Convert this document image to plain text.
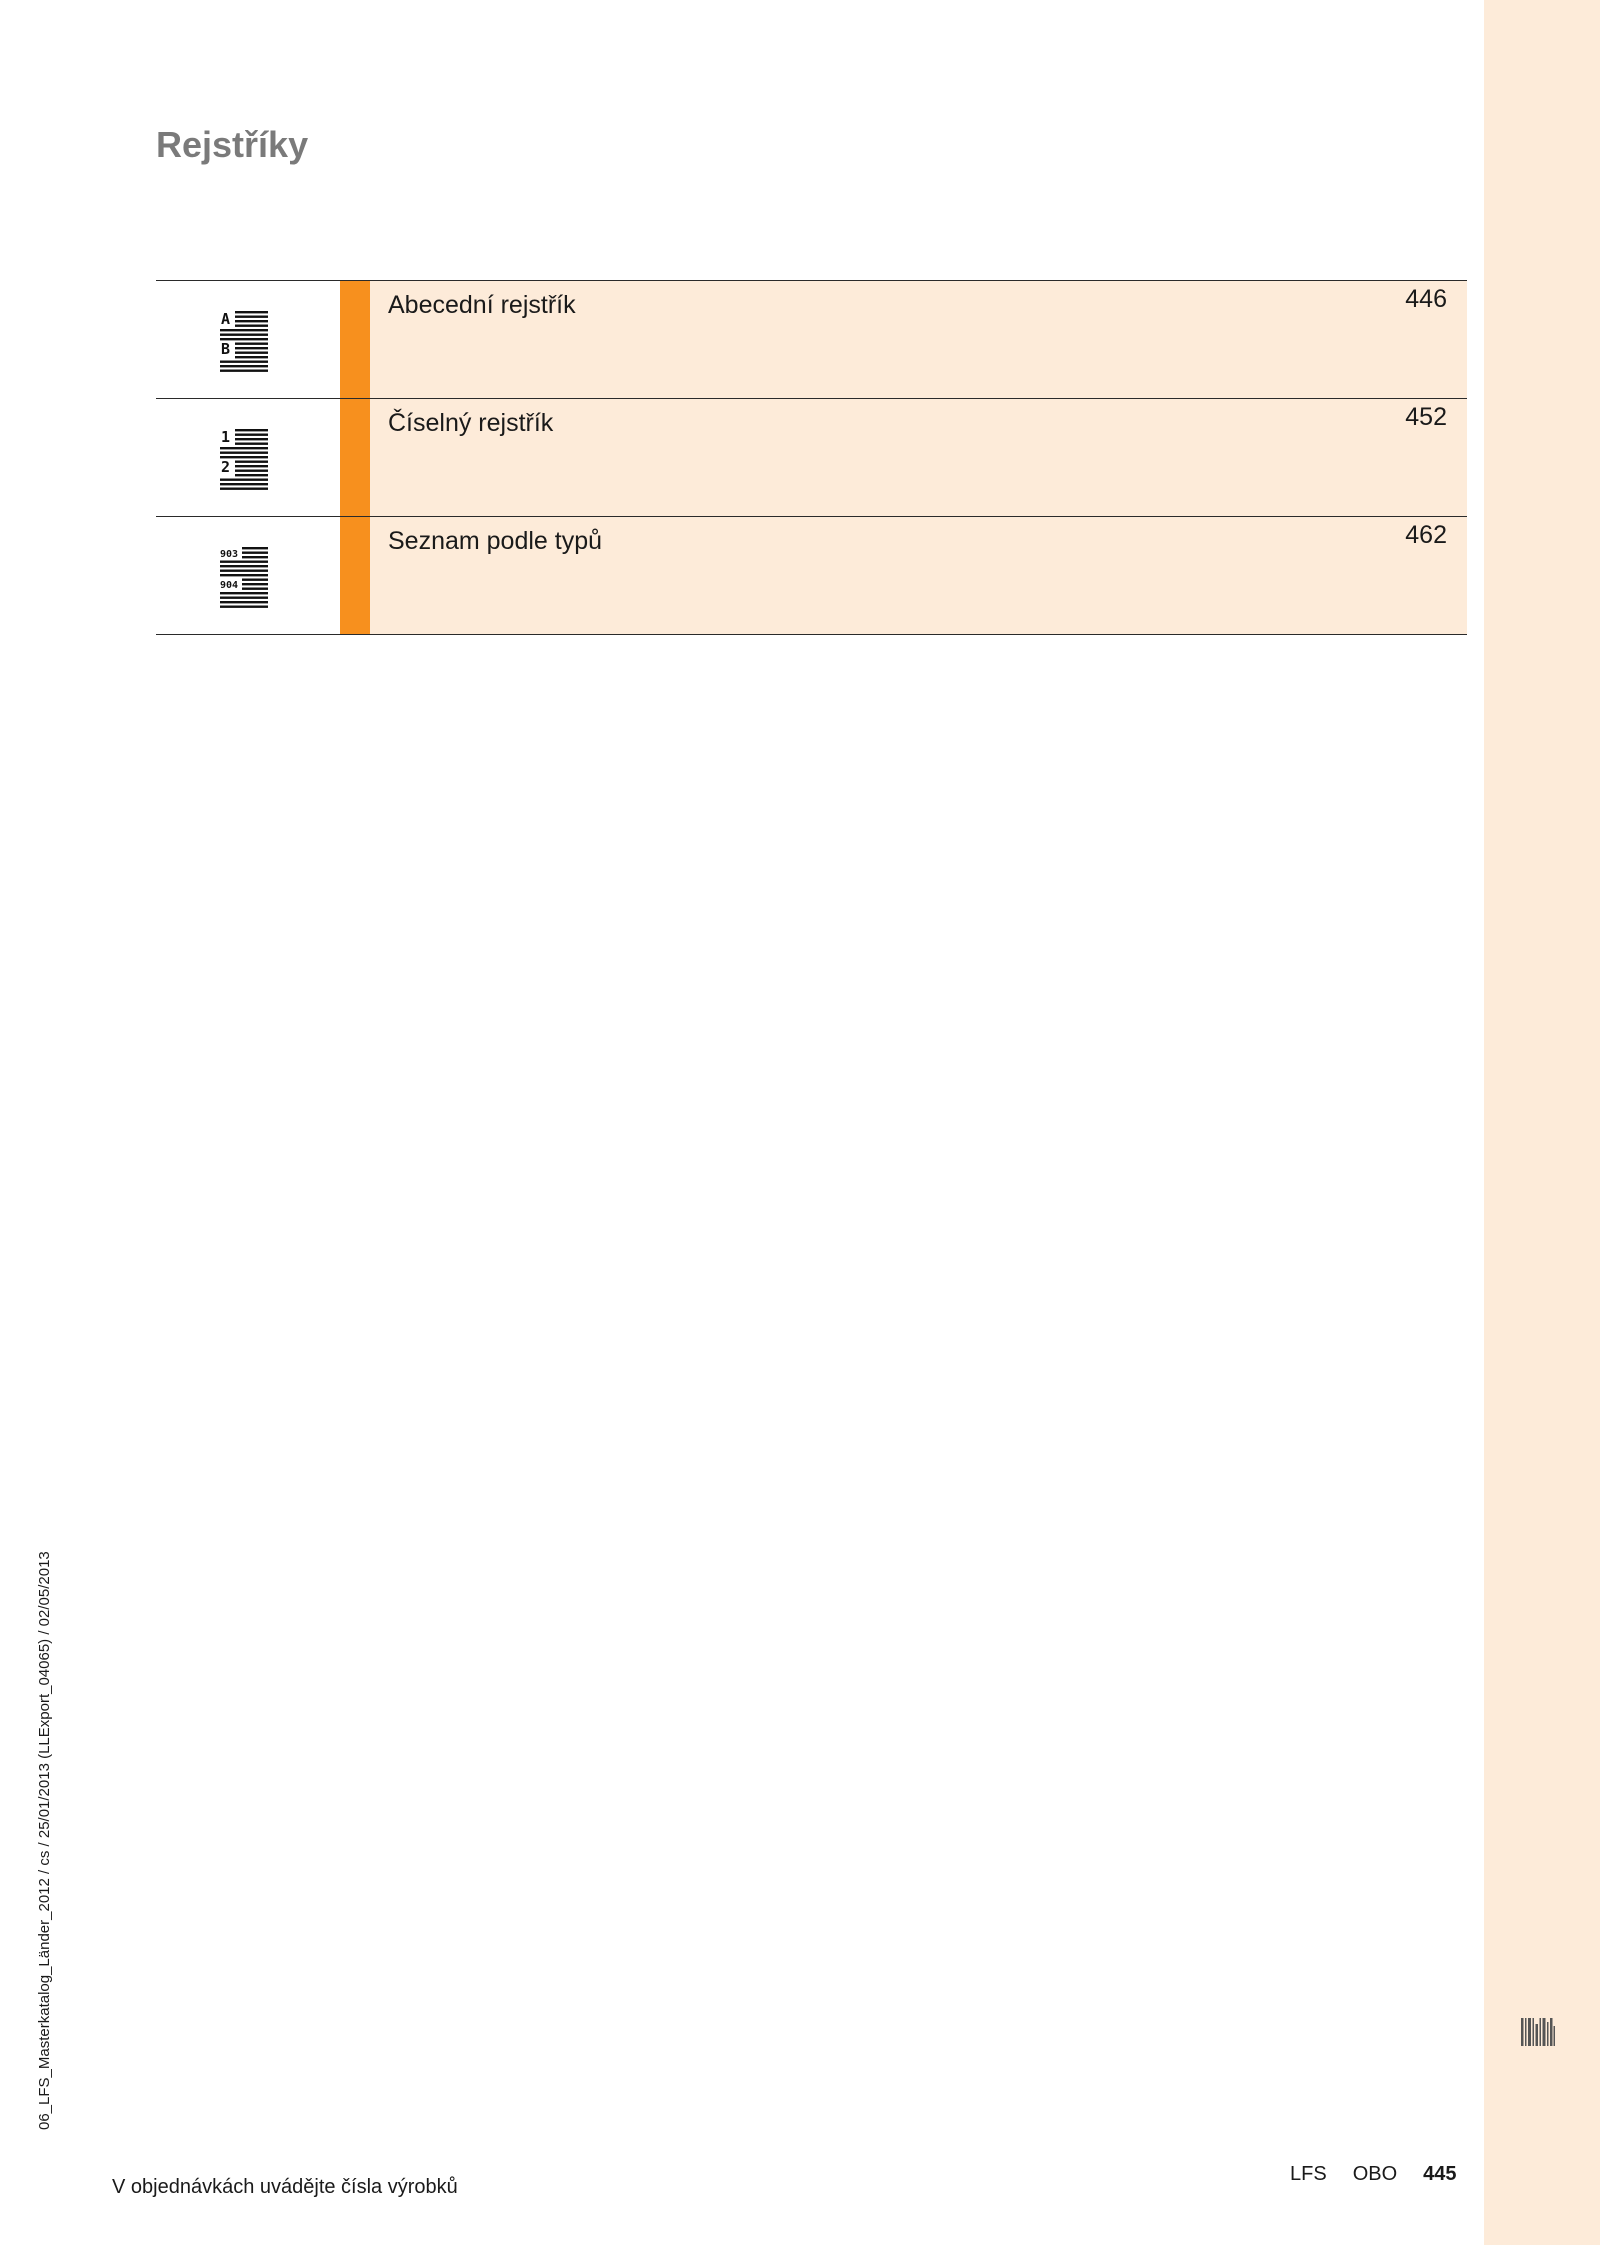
Rejstříky
A
B
Abecední rejstřík	446
1
2
Číselný rejstřík	452
903
904
Seznam podle typů	462
06_LFS_Masterkatalog_Länder_2012 / cs / 25/01/2013 (LLExport_04065) / 02/05/2013
V objednávkách uvádějte čísla výrobků
LFS OBO 445
